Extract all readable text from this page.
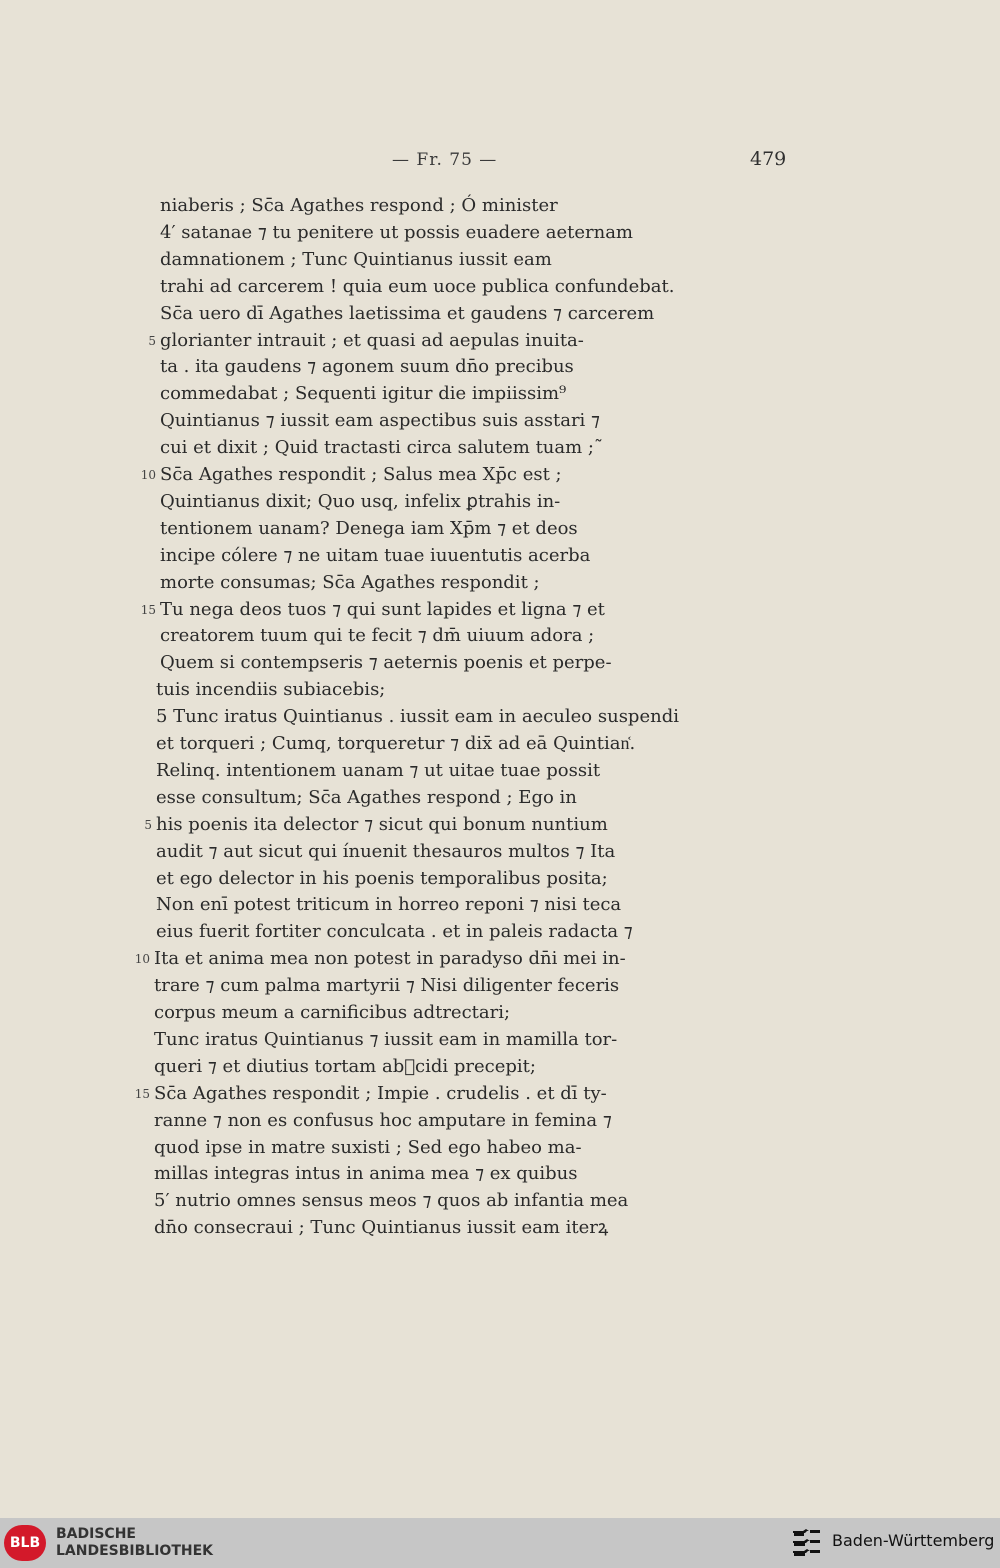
— Fr. 75 —	479
niaberis ; Sc̄a Agathes respond ; Ó minister
4′ satanae ⁊ tu penitere ut possis euadere aeternam
damnationem ; Tunc Quintianus iussit eam
trahi ad carcerem ! quia eum uoce publica confundebat.
Sc̄a uero dī Agathes laetissima et gaudens ⁊ carcerem
5 glorianter intrauit ; et quasi ad aepulas inuita-
ta . ita gaudens ⁊ agonem suum dn̄o precibus
commedabat ; Sequenti igitur die impiissim⁹
Quintianus ⁊ iussit eam aspectibus suis asstari ⁊
cui et dixit ; Quid tractasti circa salutem tuam ;˜
10 Sc̄a Agathes respondit ; Salus mea Xp̄c est ;
Quintianus dixit; Quo usq, infelix ꝑtrahis in-
tentionem uanam? Denega iam Xp̄m ⁊ et deos
incipe cólere ⁊ ne uitam tuae iuuentutis acerba
morte consumas; Sc̄a Agathes respondit ;
15 Tu nega deos tuos ⁊ qui sunt lapides et ligna ⁊ et
creatorem tuum qui te fecit ⁊ dm̄ uiuum adora ;
Quem si contempseris ⁊ aeternis poenis et perpe-
tuis incendiis subiacebis;
5 Tunc iratus Quintianus . iussit eam in aeculeo suspendi
et torqueri ; Cumq, torqueretur ⁊ dix̄ ad eā Quintian᷾.
Relinq. intentionem uanam ⁊ ut uitae tuae possit
esse consultum; Sc̄a Agathes respond ; Ego in
5 his poenis ita delector ⁊ sicut qui bonum nuntium
audit ⁊ aut sicut qui ínuenit thesauros multos ⁊ Ita
et ego delector in his poenis temporalibus posita;
Non enī potest triticum in horreo reponi ⁊ nisi teca
eius fuerit fortiter conculcata . et in paleis radacta ⁊
10 Ita et anima mea non potest in paradyso dn̄i mei in-
trare ⁊ cum palma martyrii ⁊ Nisi diligenter feceris
corpus meum a carnificibus adtrectari;
Tunc iratus Quintianus ⁊ iussit eam in mamilla tor-
queri ⁊ et diutius tortam abᷤcidi precepit;
15 Sc̄a Agathes respondit ; Impie . crudelis . et dī ty-
ranne ⁊ non es confusus hoc amputare in femina ⁊
quod ipse in matre suxisti ; Sed ego habeo ma-
millas integras intus in anima mea ⁊ ex quibus
5′ nutrio omnes sensus meos ⁊ quos ab infantia mea
dn̄o consecraui ; Tunc Quintianus iussit eam iterꝝ
BLB
BADISCHE
LANDESBIBLIOTHEK
Baden-Württemberg
